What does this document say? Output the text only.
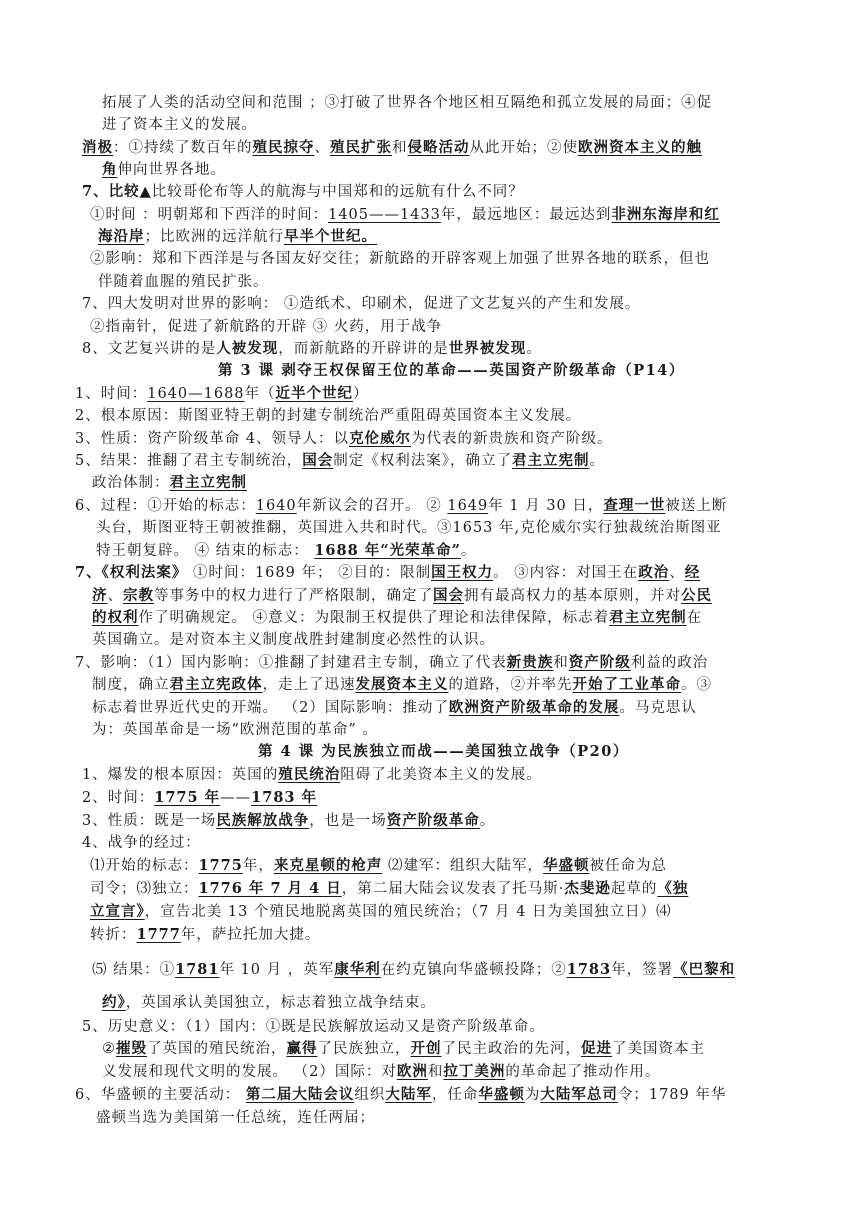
拓展了人类的活动空间和范围 ；③打破了世界各个地区相互隔绝和孤立发展的局面；④促
进了资本主义的发展。
消极：①持续了数百年的殖民掠夺、殖民扩张和侵略活动从此开始；②使欧洲资本主义的触
角伸向世界各地。
7、比较▲比较哥伦布等人的航海与中国郑和的远航有什么不同？
①时间 ：明朝郑和下西洋的时间：1405——1433年，最远地区：最远达到非洲东海岸和红
海沿岸；比欧洲的远洋航行早半个世纪。
②影响：郑和下西洋是与各国友好交往；新航路的开辟客观上加强了世界各地的联系，但也
伴随着血腥的殖民扩张。
7、四大发明对世界的影响： ①造纸术、印刷术，促进了文艺复兴的产生和发展。
②指南针，促进了新航路的开辟 ③ 火药，用于战争
8、文艺复兴讲的是人被发现，而新航路的开辟讲的是世界被发现。
第 3 课 剥夺王权保留王位的革命——英国资产阶级革命（P14）
1、时间：1640—1688年（近半个世纪）
2、根本原因：斯图亚特王朝的封建专制统治严重阻碍英国资本主义发展。
3、性质：资产阶级革命 4、领导人：以克伦威尔为代表的新贵族和资产阶级。
5、结果：推翻了君主专制统治，国会制定《权利法案》，确立了君主立宪制。
政治体制：君主立宪制
6、过程：①开始的标志：1640年新议会的召开。 ② 1649年 1 月 30 日，查理一世被送上断
头台，斯图亚特王朝被推翻，英国进入共和时代。③1653 年,克伦威尔实行独裁统治斯图亚
特王朝复辟。 ④ 结束的标志： 1688 年“光荣革命”。
7、《权利法案》 ①时间：1689 年； ②目的：限制国王权力。 ③内容：对国王在政治、经
济、宗教等事务中的权力进行了严格限制，确定了国会拥有最高权力的基本原则，并对公民
的权利作了明确规定。 ④意义：为限制王权提供了理论和法律保障，标志着君主立宪制在
英国确立。是对资本主义制度战胜封建制度必然性的认识。
7、影响：（1）国内影响：①推翻了封建君主专制，确立了代表新贵族和资产阶级利益的政治
制度，确立君主立宪政体，走上了迅速发展资本主义的道路，②并率先开始了工业革命。③
标志着世界近代史的开端。 （2）国际影响：推动了欧洲资产阶级革命的发展。马克思认
为：英国革命是一场“欧洲范围的革命” 。
第 4 课 为民族独立而战——美国独立战争（P20）
1、爆发的根本原因：英国的殖民统治阻碍了北美资本主义的发展。
2、时间：1775 年——1783 年
3、性质：既是一场民族解放战争，也是一场资产阶级革命。
4、战争的经过：
⑴开始的标志：1775年，来克星顿的枪声 ⑵建军：组织大陆军，华盛顿被任命为总
司令；⑶独立：1776 年 7 月 4 日，第二届大陆会议发表了托马斯·杰斐逊起草的《独
立宣言》，宣告北美 13 个殖民地脱离英国的殖民统治；（7 月 4 日为美国独立日）⑷
转折：1777年，萨拉托加大捷。
⑸ 结果：①1781年 10 月 ，英军康华利在约克镇向华盛顿投降；②1783年，签署《巴黎和
约》，英国承认美国独立，标志着独立战争结束。
5、历史意义：（1）国内：①既是民族解放运动又是资产阶级革命。
②摧毁了英国的殖民统治，赢得了民族独立，开创了民主政治的先河，促进了美国资本主
义发展和现代文明的发展。 （2）国际：对欧洲和拉丁美洲的革命起了推动作用。
6、华盛顿的主要活动： 第二届大陆会议组织大陆军，任命华盛顿为大陆军总司令；1789 年华
盛顿当选为美国第一任总统，连任两届；
